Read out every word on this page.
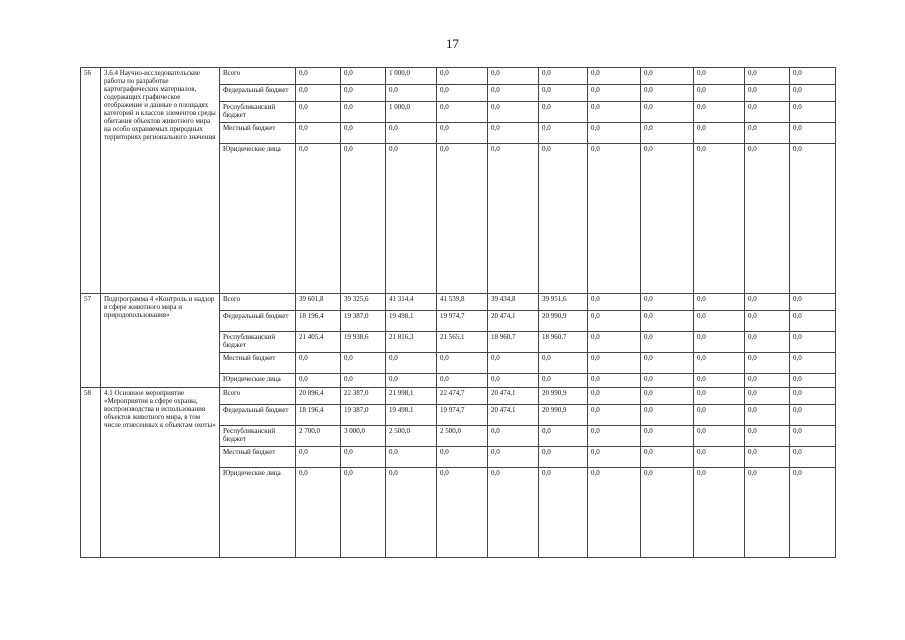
17
56	3.6.4 Научно-исследовательские работы по разработке картографических материалов, содержащих графическое отображение и данные о площадях категорий и классов элементов среды обитания объектов животного мира на особо охраняемых природных территориях регионального значения	Всего	0,0	0,0	1 000,0	0,0	0,0	0,0	0,0	0,0	0,0	0,0	0,0
		Федеральный бюджет	0,0	0,0	0,0	0,0	0,0	0,0	0,0	0,0	0,0	0,0	0,0
		Республиканский бюджет	0,0	0,0	1 000,0	0,0	0,0	0,0	0,0	0,0	0,0	0,0	0,0
		Местный бюджет	0,0	0,0	0,0	0,0	0,0	0,0	0,0	0,0	0,0	0,0	0,0
		Юридические лица	0,0	0,0	0,0	0,0	0,0	0,0	0,0	0,0	0,0	0,0	0,0
57	Подпрограмма 4 «Контроль и надзор в сфере животного мира и природопользования»	Всего	39 601,8	39 325,6	41 314,4	41 539,8	39 434,8	39 951,6	0,0	0,0	0,0	0,0	0,0
		Федеральный бюджет	18 196,4	19 387,0	19 498,1	19 974,7	20 474,1	20 990,9	0,0	0,0	0,0	0,0	0,0
		Республиканский бюджет	21 405,4	19 938,6	21 816,3	21 565,1	18 960,7	18 960,7	0,0	0,0	0,0	0,0	0,0
		Местный бюджет	0,0	0,0	0,0	0,0	0,0	0,0	0,0	0,0	0,0	0,0	0,0
		Юридические лица	0,0	0,0	0,0	0,0	0,0	0,0	0,0	0,0	0,0	0,0	0,0
58	4.1 Основное мероприятие «Мероприятия в сфере охраны, воспроизводства и использования объектов животного мира, в том числе отнесенных к объектам охоты»	Всего	20 896,4	22 387,0	21 998,1	22 474,7	20 474,1	20 990,9	0,0	0,0	0,0	0,0	0,0
		Федеральный бюджет	18 196,4	19 387,0	19 498,1	19 974,7	20 474,1	20 990,9	0,0	0,0	0,0	0,0	0,0
		Республиканский бюджет	2 700,0	3 000,0	2 500,0	2 500,0	0,0	0,0	0,0	0,0	0,0	0,0	0,0
		Местный бюджет	0,0	0,0	0,0	0,0	0,0	0,0	0,0	0,0	0,0	0,0	0,0
		Юридические лица	0,0	0,0	0,0	0,0	0,0	0,0	0,0	0,0	0,0	0,0	0,0
